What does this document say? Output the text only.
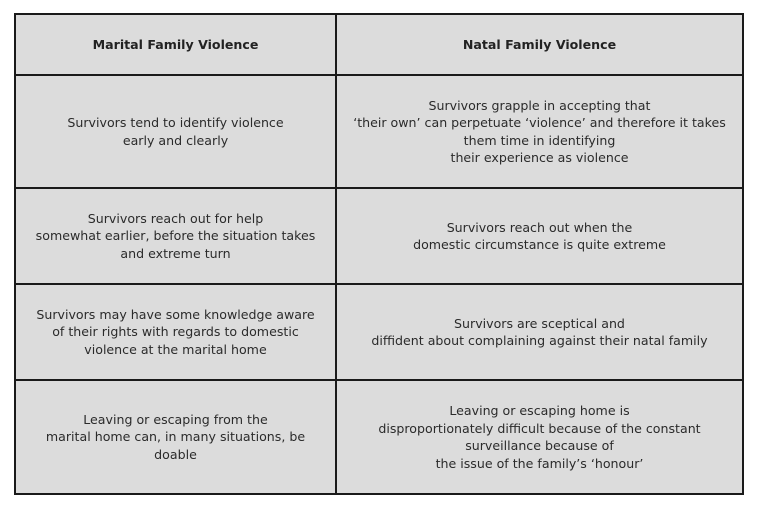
Marital Family Violence	Natal Family Violence
Survivors tend to identify violence
early and clearly
Survivors grapple in accepting that
‘their own’ can perpetuate ‘violence’ and therefore it takes
them time in identifying
their experience as violence
Survivors reach out for help
somewhat earlier, before the situation takes
and extreme turn
Survivors reach out when the
domestic circumstance is quite extreme
Survivors may have some knowledge aware
of their rights with regards to domestic
violence at the marital home
Survivors are sceptical and
diffident about complaining against their natal family
Leaving or escaping from the
marital home can, in many situations, be
doable
Leaving or escaping home is
disproportionately difficult because of the constant
surveillance because of
the issue of the family’s ‘honour’
